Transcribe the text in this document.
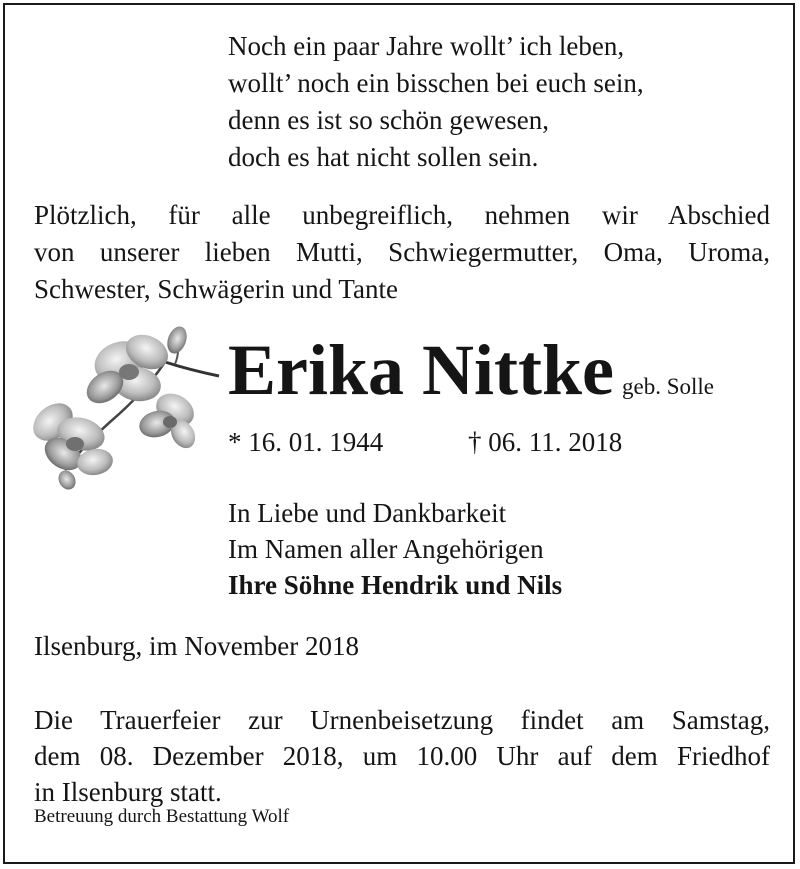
Noch ein paar Jahre wollt’ ich leben,
wollt’ noch ein bisschen bei euch sein,
denn es ist so schön gewesen,
doch es hat nicht sollen sein.
Plötzlich, für alle unbegreiflich, nehmen wir Abschied
von unserer lieben Mutti, Schwiegermutter, Oma, Uroma,
Schwester, Schwägerin und Tante
Erika Nittke geb. Solle
* 16. 01. 1944	† 06. 11. 2018
In Liebe und Dankbarkeit
Im Namen aller Angehörigen
Ihre Söhne Hendrik und Nils
Ilsenburg, im November 2018
Die Trauerfeier zur Urnenbeisetzung findet am Samstag,
dem 08. Dezember 2018, um 10.00 Uhr auf dem Friedhof
in Ilsenburg statt.
Betreuung durch Bestattung Wolf
